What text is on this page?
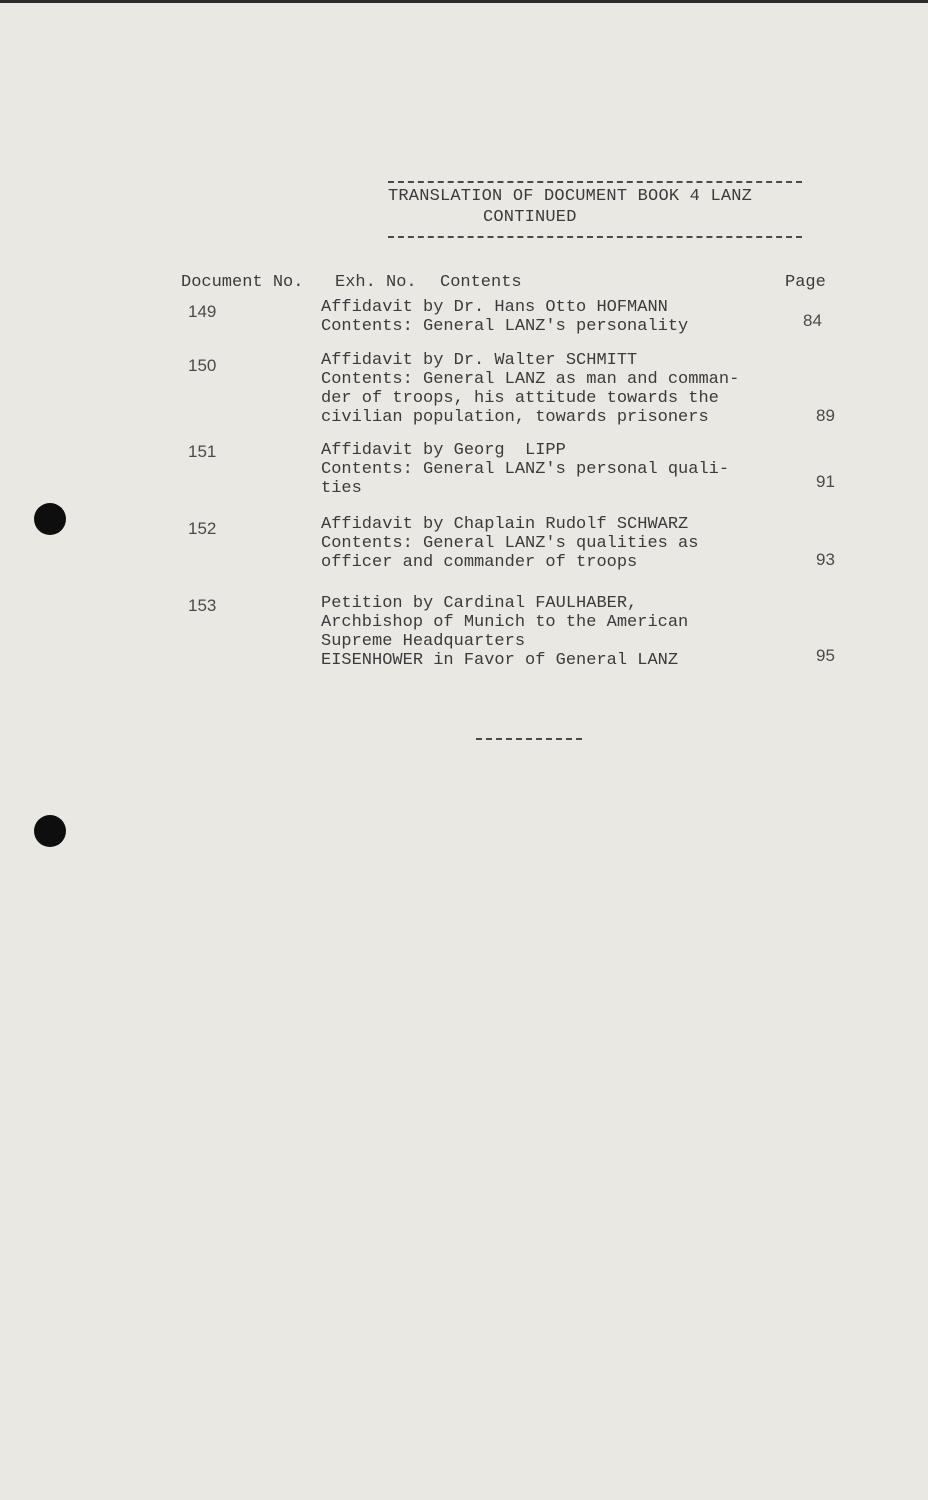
TRANSLATION OF DOCUMENT BOOK 4 LANZ
CONTINUED
Document No. Exh. No. Contents	Page
149	Affidavit by Dr. Hans Otto HOFMANN
Contents: General LANZ's personality	84
150	Affidavit by Dr. Walter SCHMITT
Contents: General LANZ as man and comman-
der of troops, his attitude towards the
civilian population, towards prisoners	89
151	Affidavit by Georg  LIPP
Contents: General LANZ's personal quali-
ties	91
152	Affidavit by Chaplain Rudolf SCHWARZ
Contents: General LANZ's qualities as
officer and commander of troops	93
153	Petition by Cardinal FAULHABER,
Archbishop of Munich to the American
Supreme Headquarters
EISENHOWER in Favor of General LANZ	95
